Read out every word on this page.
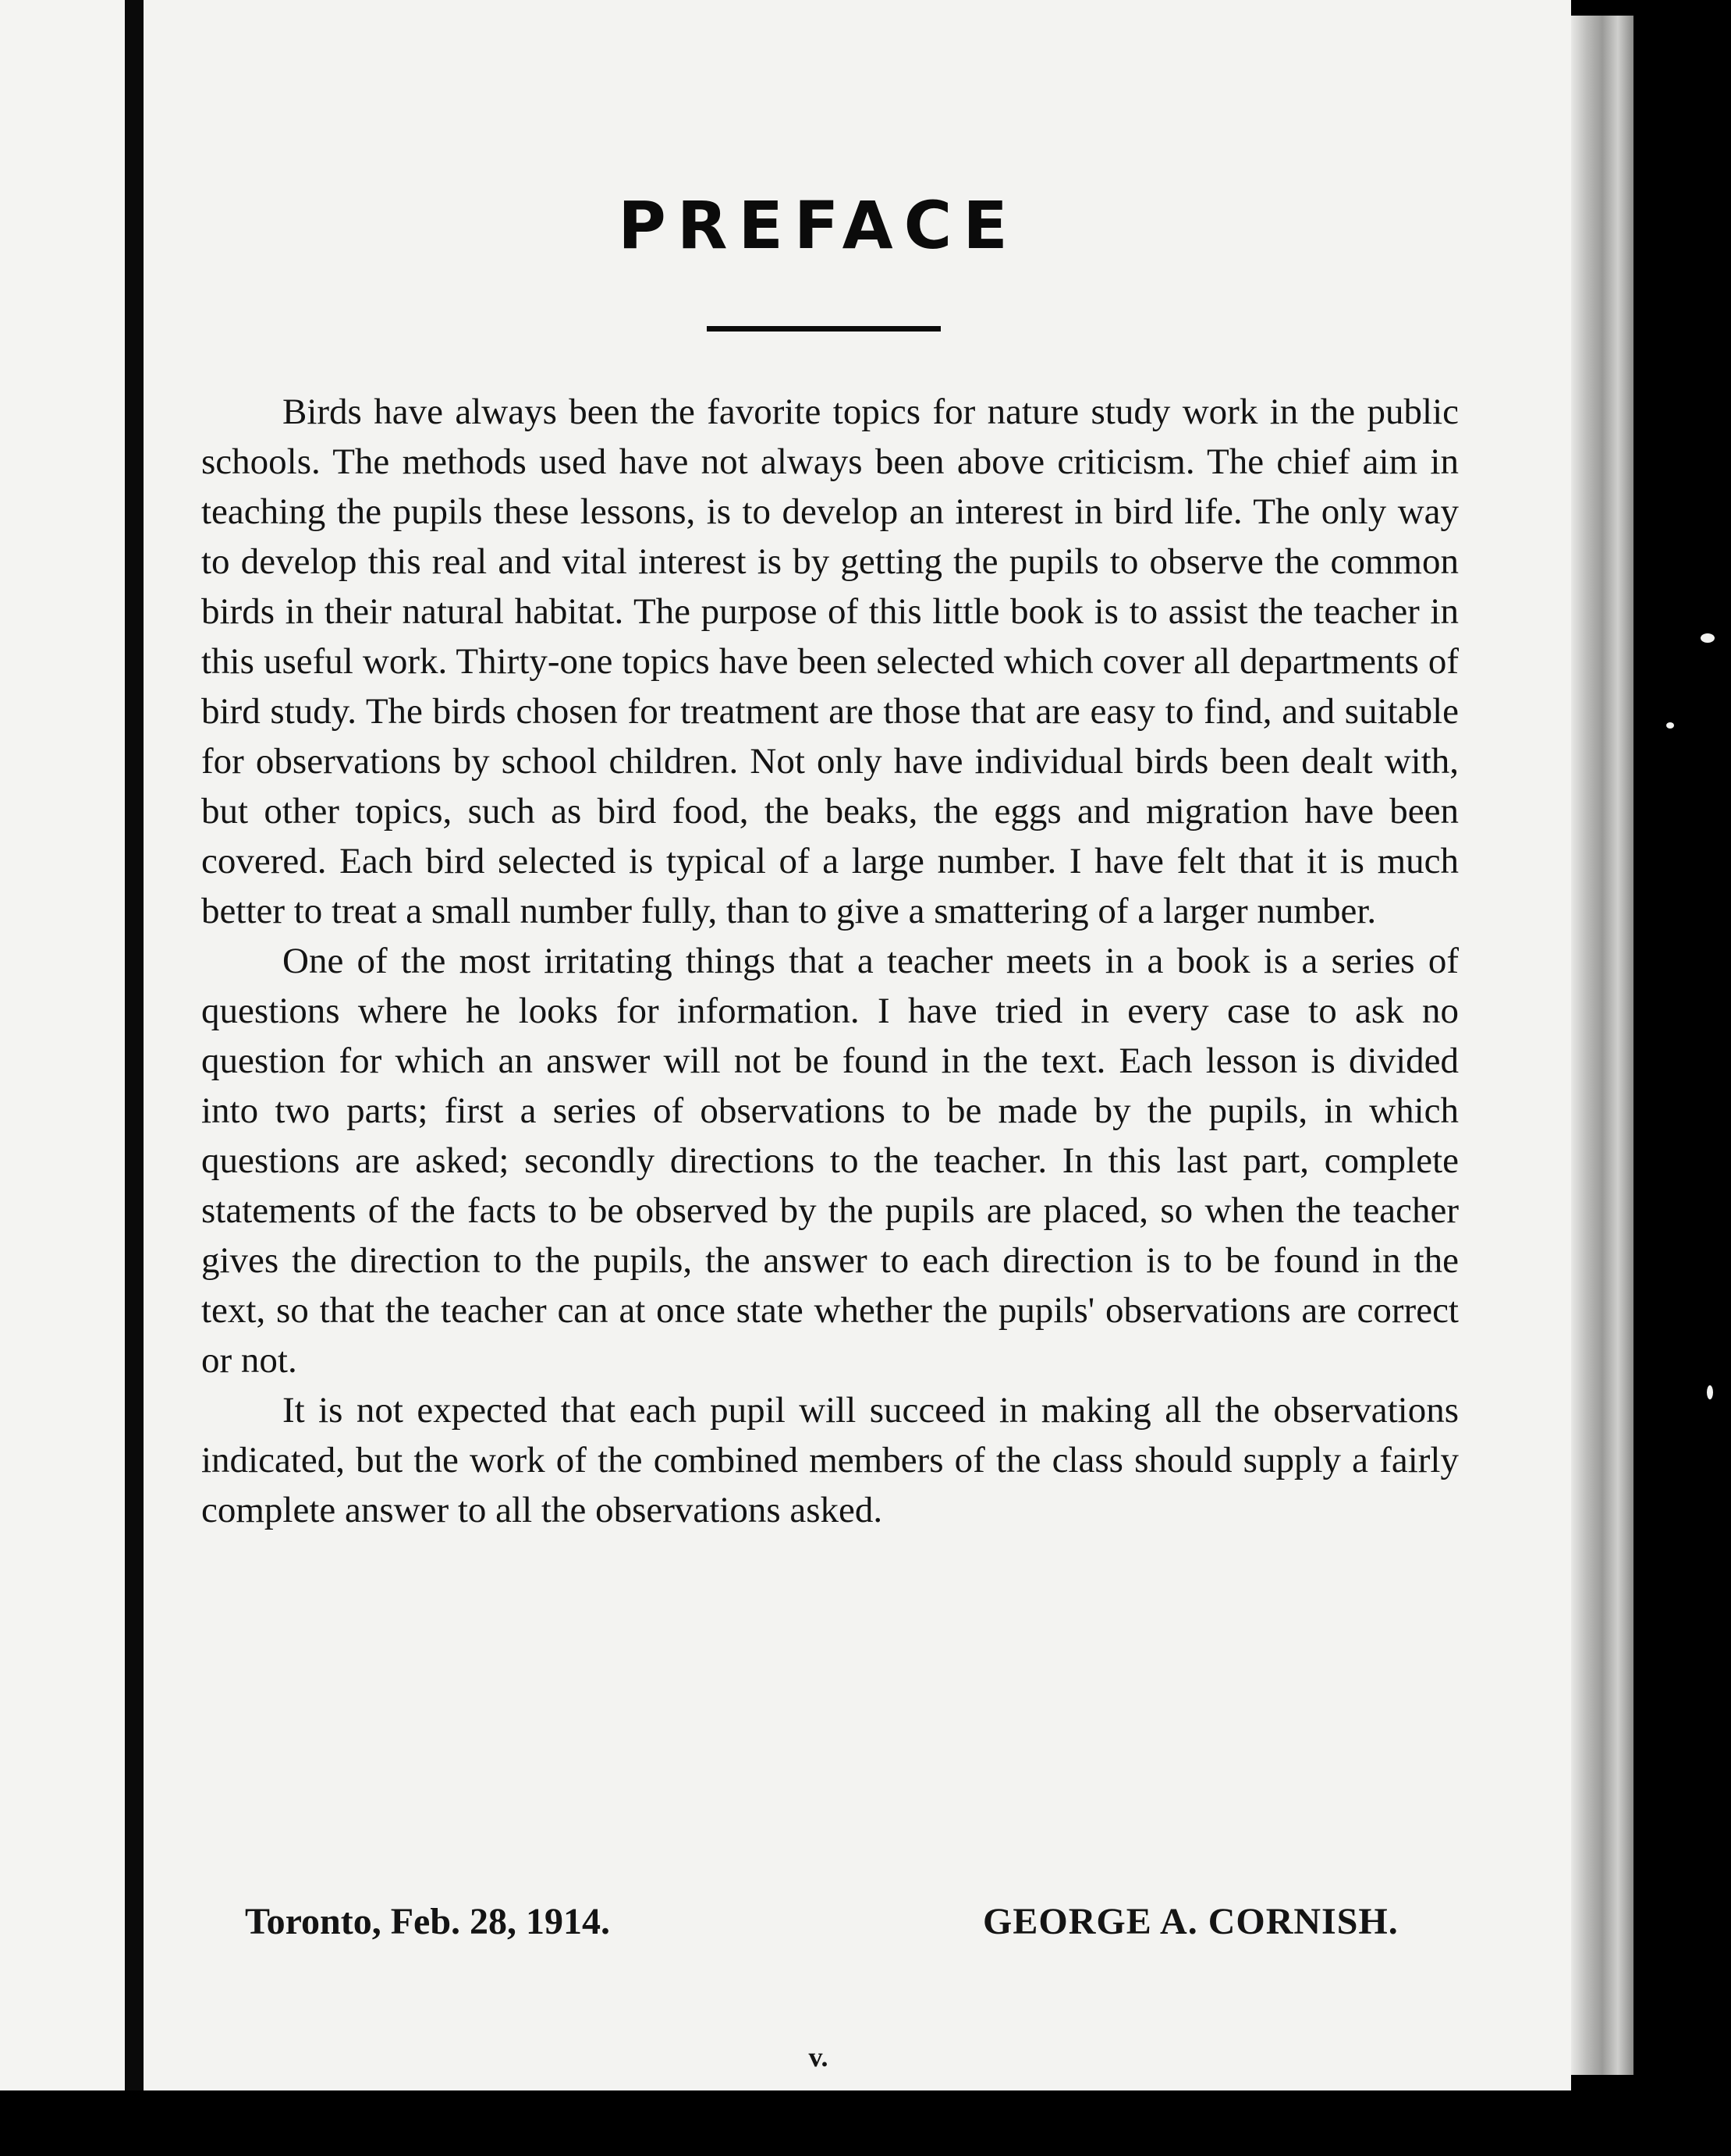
PREFACE

Birds have always been the favorite topics for nature study work in the public schools. The methods used have not always been above criticism. The chief aim in teaching the pupils these lessons, is to develop an interest in bird life. The only way to develop this real and vital interest is by getting the pupils to observe the common birds in their natural habitat. The purpose of this little book is to assist the teacher in this useful work. Thirty-one topics have been selected which cover all departments of bird study. The birds chosen for treatment are those that are easy to find, and suitable for observations by school children. Not only have individual birds been dealt with, but other topics, such as bird food, the beaks, the eggs and migration have been covered. Each bird selected is typical of a large number. I have felt that it is much better to treat a small number fully, than to give a smattering of a larger number.

One of the most irritating things that a teacher meets in a book is a series of questions where he looks for information. I have tried in every case to ask no question for which an answer will not be found in the text. Each lesson is divided into two parts; first a series of observations to be made by the pupils, in which questions are asked; secondly directions to the teacher. In this last part, complete statements of the facts to be observed by the pupils are placed, so when the teacher gives the direction to the pupils, the answer to each direction is to be found in the text, so that the teacher can at once state whether the pupils' observations are correct or not.

It is not expected that each pupil will succeed in making all the observations indicated, but the work of the combined members of the class should supply a fairly complete answer to all the observations asked.

Toronto, Feb. 28, 1914.	GEORGE A. CORNISH.
v.
